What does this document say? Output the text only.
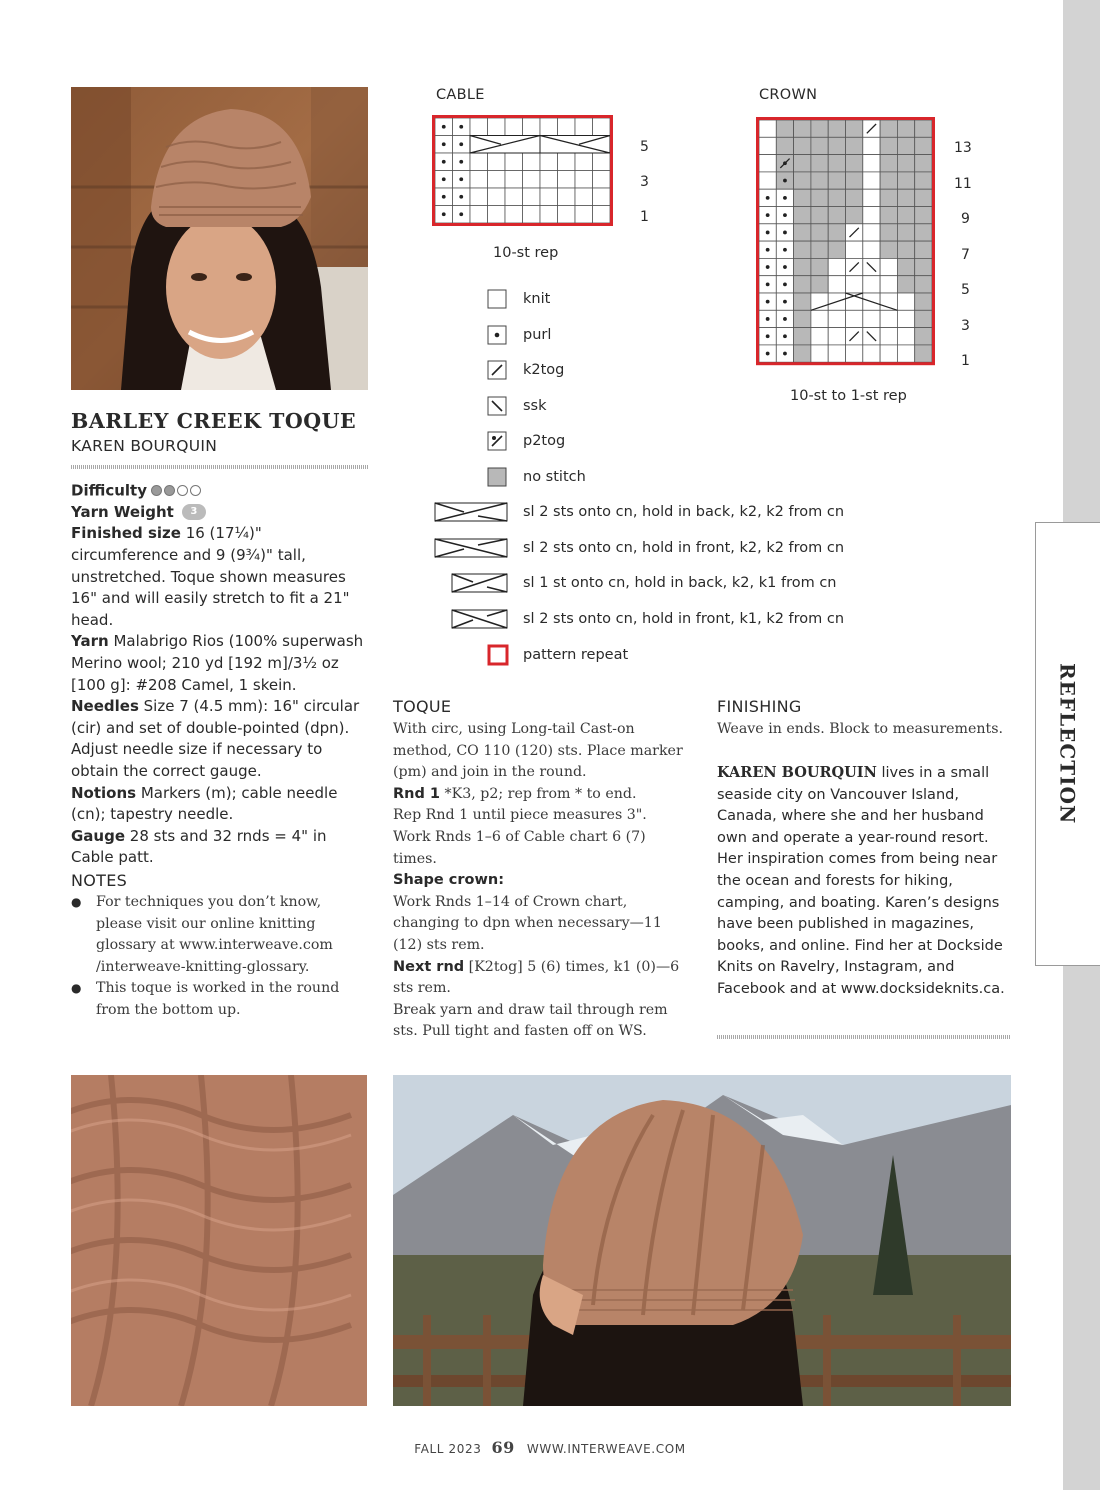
REFLECTION
BARLEY CREEK TOQUE
KAREN BOURQUIN
Difficulty
Yarn Weight 3
Finished size 16 (17¼)" circumference and 9 (9¾)" tall, unstretched. Toque shown measures 16" and will easily stretch to fit a 21" head.
Yarn Malabrigo Rios (100% superwash Merino wool; 210 yd [192 m]/3½ oz [100 g]: #208 Camel, 1 skein.
Needles Size 7 (4.5 mm): 16" circular (cir) and set of double-pointed (dpn). Adjust needle size if necessary to obtain the correct gauge.
Notions Markers (m); cable needle (cn); tapestry needle.
Gauge 28 sts and 32 rnds = 4" in Cable patt.
NOTES
● For techniques you don’t know, please visit our online knitting glossary at www.interweave.com /interweave-knitting-glossary.
● This toque is worked in the round from the bottom up.
CABLE
5
3
1
10-st rep
CROWN
13
11
9
7
5
3
1
10-st to 1-st rep
knit
purl
k2tog
ssk
p2tog
no stitch
sl 2 sts onto cn, hold in back, k2, k2 from cn
sl 2 sts onto cn, hold in front, k2, k2 from cn
sl 1 st onto cn, hold in back, k2, k1 from cn
sl 2 sts onto cn, hold in front, k1, k2 from cn
pattern repeat
TOQUE

With circ, using Long-tail Cast-on method, CO 110 (120) sts. Place marker (pm) and join in the round.

Rnd 1 *K3, p2; rep from * to end.

Rep Rnd 1 until piece measures 3".

Work Rnds 1–6 of Cable chart 6 (7) times.

Shape crown:

Work Rnds 1–14 of Crown chart, changing to dpn when necessary—11 (12) sts rem.

Next rnd [K2tog] 5 (6) times, k1 (0)—6 sts rem.

Break yarn and draw tail through rem sts. Pull tight and fasten off on WS.

FINISHING
Weave in ends. Block to measurements.
KAREN BOURQUIN lives in a small seaside city on Vancouver Island, Canada, where she and her husband own and operate a year-round resort. Her inspiration comes from being near the ocean and forests for hiking, camping, and boating. Karen’s designs have been published in magazines, books, and online. Find her at Dockside Knits on Ravelry, Instagram, and Facebook and at www.docksideknits.ca.
FALL 2023 69 WWW.INTERWEAVE.COM
